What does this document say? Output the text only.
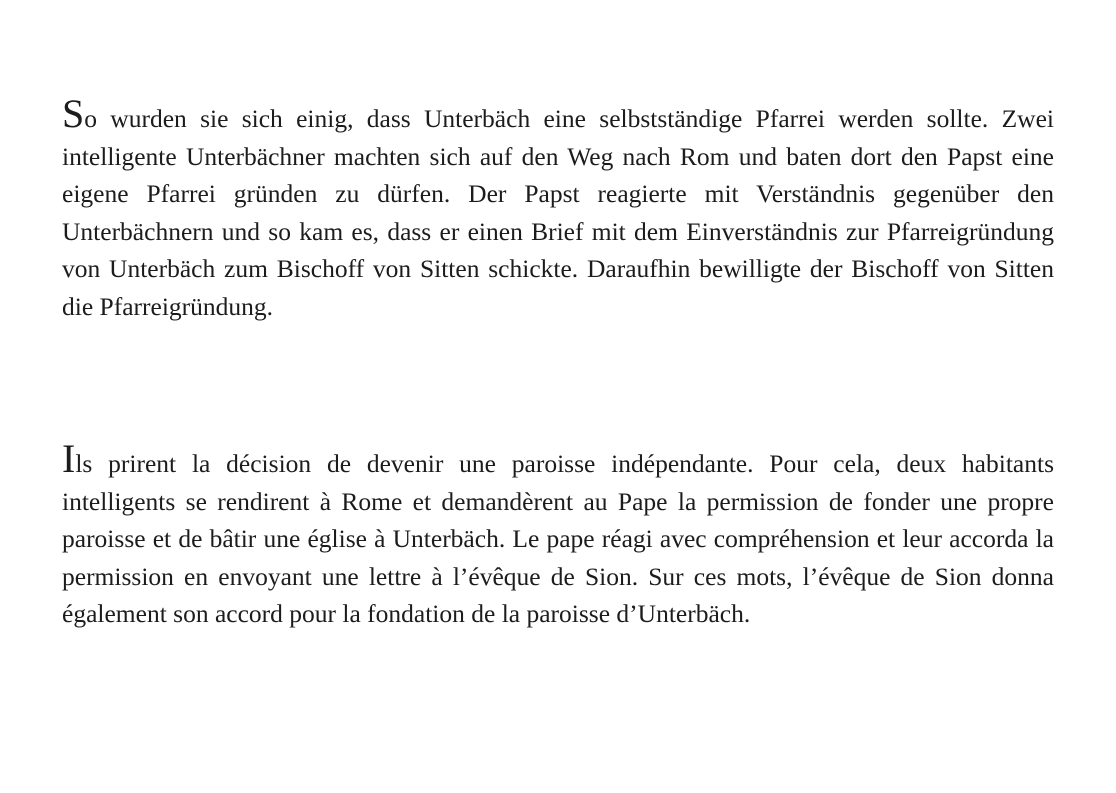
So wurden sie sich einig, dass Unterbäch eine selbstständige Pfarrei werden sollte. Zwei intelligente Unterbächner machten sich auf den Weg nach Rom und baten dort den Papst eine eigene Pfarrei gründen zu dürfen. Der Papst reagierte mit Verständnis gegenüber den Unterbächnern und so kam es, dass er einen Brief mit dem Einverständnis zur Pfarreigründung von Unterbäch zum Bischoff von Sitten schickte. Daraufhin bewilligte der Bischoff von Sitten die Pfarreigründung.

Ils prirent la décision de devenir une paroisse indépendante. Pour cela, deux habitants intelligents se rendirent à Rome et demandèrent au Pape la permission de fonder une propre paroisse et de bâtir une église à Unterbäch. Le pape réagi avec compréhension et leur accorda la permission en envoyant une lettre à l’évêque de Sion. Sur ces mots, l’évêque de Sion donna également son accord pour la fondation de la paroisse d’Unterbäch.
